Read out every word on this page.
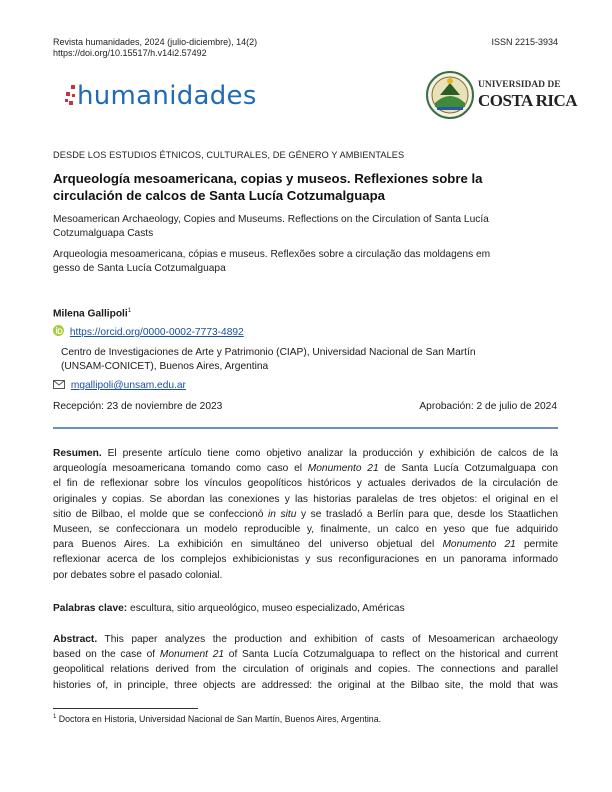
Revista humanidades, 2024 (julio-diciembre), 14(2)
https://doi.org/10.15517/h.v14i2.57492
ISSN 2215-3934
humanidades	UNIVERSIDAD DE
COSTA RICA
DESDE LOS ESTUDIOS ÉTNICOS, CULTURALES, DE GÉNERO Y AMBIENTALES
Arqueología mesoamericana, copias y museos. Reflexiones sobre la
circulación de calcos de Santa Lucía Cotzumalguapa
Mesoamerican Archaeology, Copies and Museums. Reflections on the Circulation of Santa Lucía
Cotzumalguapa Casts
Arqueologia mesoamericana, cópias e museus. Reflexões sobre a circulação das moldagens em
gesso de Santa Lucía Cotzumalguapa
Milena Gallipoli$^1$
https://orcid.org/0000-0002-7773-4892
Centro de Investigaciones de Arte y Patrimonio (CIAP), Universidad Nacional de San Martín
(UNSAM-CONICET), Buenos Aires, Argentina
mgallipoli@unsam.edu.ar
Recepción: 23 de noviembre de 2023	Aprobación: 2 de julio de 2024
Resumen. El presente artículo tiene como objetivo analizar la producción y exhibición de calcos de la
arqueología mesoamericana tomando como caso el Monumento 21 de Santa Lucía Cotzumalguapa con
el fin de reflexionar sobre los vínculos geopolíticos históricos y actuales derivados de la circulación de
originales y copias. Se abordan las conexiones y las historias paralelas de tres objetos: el original en el
sitio de Bilbao, el molde que se confeccionó in situ y se trasladó a Berlín para que, desde los Staatlichen
Museen, se confeccionara un modelo reproducible y, finalmente, un calco en yeso que fue adquirido
para Buenos Aires. La exhibición en simultáneo del universo objetual del Monumento 21 permite
reflexionar acerca de los complejos exhibicionistas y sus reconfiguraciones en un panorama informado
por debates sobre el pasado colonial.
Palabras clave: escultura, sitio arqueológico, museo especializado, Américas
Abstract. This paper analyzes the production and exhibition of casts of Mesoamerican archaeology
based on the case of Monument 21 of Santa Lucía Cotzumalguapa to reflect on the historical and current
geopolitical relations derived from the circulation of originals and copies. The connections and parallel
histories of, in principle, three objects are addressed: the original at the Bilbao site, the mold that was
$^1$ Doctora en Historia, Universidad Nacional de San Martín, Buenos Aires, Argentina.
